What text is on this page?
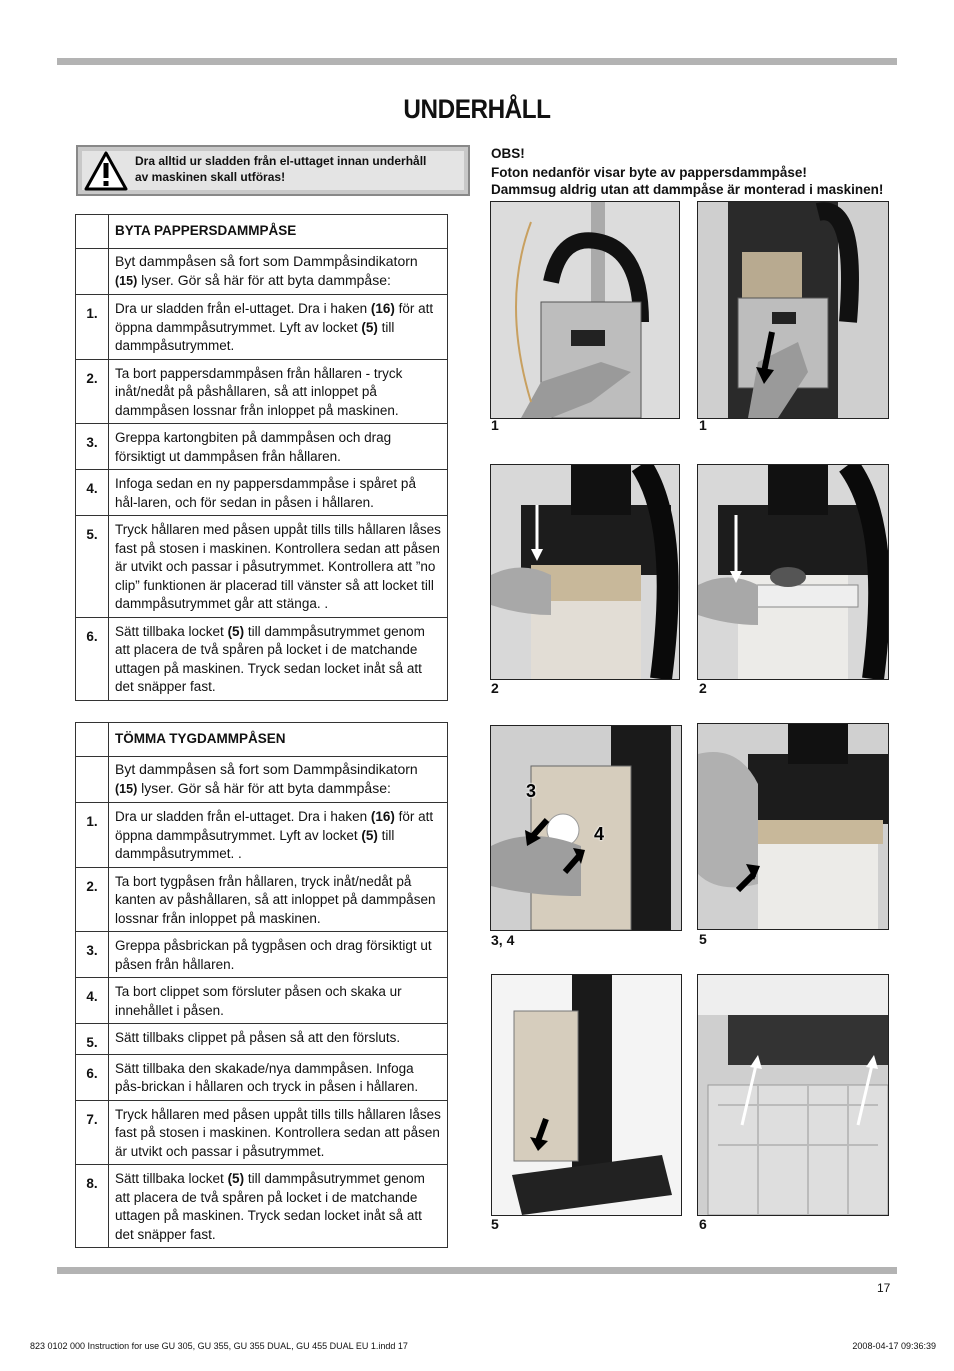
UNDERHÅLL
Dra alltid ur sladden från el-uttaget innan underhåll
av maskinen skall utföras!
OBS!
Foton nedanför visar byte av pappersdammpåse!
Dammsug aldrig utan att dammpåse är monterad i maskinen!
	BYTA PAPPERSDAMMPÅSE
	Byt dammpåsen så fort som Dammpåsindikatorn
(15) lyser. Gör så här för att byta dammpåse:
1.	Dra ur sladden från el-uttaget. Dra i haken (16) för att öppna dammpåsutrymmet. Lyft av locket (5) till dammpåsutrymmet.
2.	Ta bort pappersdammpåsen från hållaren - tryck inåt/nedåt på påshållaren, så att inloppet på dammpåsen lossnar från inloppet på maskinen.
3.	Greppa kartongbiten på dammpåsen och drag försiktigt ut dammpåsen från hållaren.
4.	Infoga sedan en ny pappersdammpåse i spåret på hål-laren, och för sedan in påsen i hållaren.
5.	Tryck hållaren med påsen uppåt tills tills hållaren låses fast på stosen i maskinen. Kontrollera sedan att påsen är utvikt och passar i påsutrymmet. Kontrollera att ”no clip” funktionen är placerad till vänster så att locket till dammpåsutrymmet går att stänga. .
6.	Sätt tillbaka locket (5) till dammpåsutrymmet genom att placera de två spåren på locket i de matchande uttagen på maskinen. Tryck sedan locket inåt så att det snäpper fast.
	TÖMMA TYGDAMMPÅSEN
	Byt dammpåsen så fort som Dammpåsindikatorn
(15) lyser. Gör så här för att byta dammpåse:
1.	Dra ur sladden från el-uttaget. Dra i haken (16) för att öppna dammpåsutrymmet. Lyft av locket (5) till dammpåsutrymmet. .
2.	Ta bort tygpåsen från hållaren, tryck inåt/nedåt på kanten av påshållaren, så att inloppet på dammpåsen lossnar från inloppet på maskinen.
3.	Greppa påsbrickan på tygpåsen och drag försiktigt ut påsen från hållaren.
4.	Ta bort clippet som försluter påsen och skaka ur innehållet i påsen.
5.	Sätt tillbaks clippet på påsen så att den försluts.
6.	Sätt tillbaka den skakade/nya dammpåsen. Infoga pås-brickan i hållaren och tryck in påsen i hållaren.
7.	Tryck hållaren med påsen uppåt tills tills hållaren låses fast på stosen i maskinen. Kontrollera sedan att påsen är utvikt och passar i påsutrymmet.
8.	Sätt tillbaka locket (5) till dammpåsutrymmet genom att placera de två spåren på locket i de matchande uttagen på maskinen. Tryck sedan locket inåt så att det snäpper fast.
1	1
2	2
3
4
3, 4	5
5	6
17
823 0102 000 Instruction for use GU 305, GU 355, GU 355 DUAL, GU 455 DUAL EU 1.indd 17	2008-04-17 09:36:39
